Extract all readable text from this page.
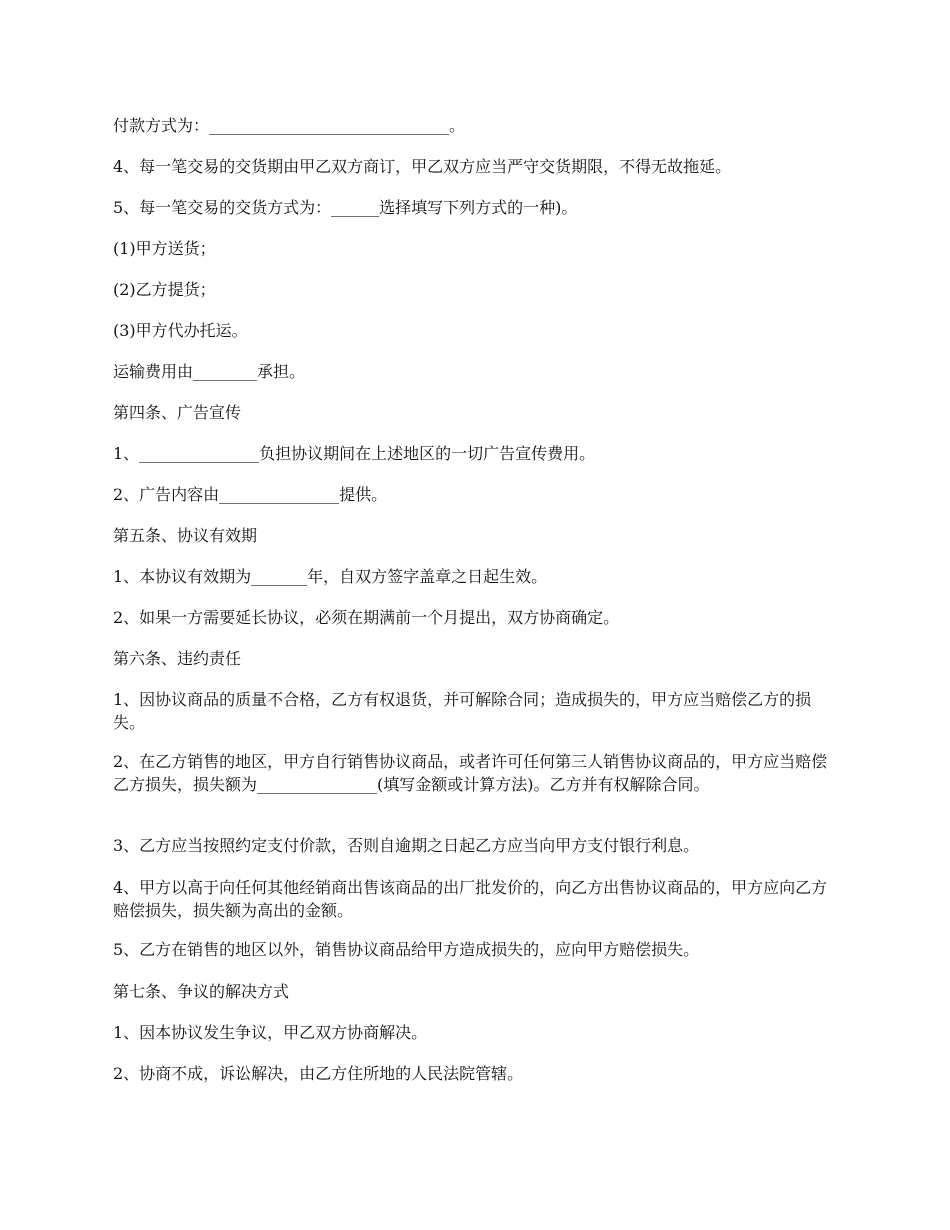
付款方式为：______________________________。

4、每一笔交易的交货期由甲乙双方商订，甲乙双方应当严守交货期限，不得无故拖延。

5、每一笔交易的交货方式为：______选择填写下列方式的一种)。

(1)甲方送货；

(2)乙方提货；

(3)甲方代办托运。

运输费用由________承担。

第四条、广告宣传

1、_______________负担协议期间在上述地区的一切广告宣传费用。

2、广告内容由_______________提供。

第五条、协议有效期

1、本协议有效期为_______年，自双方签字盖章之日起生效。

2、如果一方需要延长协议，必须在期满前一个月提出，双方协商确定。

第六条、违约责任

1、因协议商品的质量不合格，乙方有权退货，并可解除合同；造成损失的，甲方应当赔偿乙方的损失。

2、在乙方销售的地区，甲方自行销售协议商品，或者许可任何第三人销售协议商品的，甲方应当赔偿乙方损失，损失额为_______________(填写金额或计算方法)。乙方并有权解除合同。

3、乙方应当按照约定支付价款，否则自逾期之日起乙方应当向甲方支付银行利息。

4、甲方以高于向任何其他经销商出售该商品的出厂批发价的，向乙方出售协议商品的，甲方应向乙方赔偿损失，损失额为高出的金额。

5、乙方在销售的地区以外，销售协议商品给甲方造成损失的，应向甲方赔偿损失。

第七条、争议的解决方式

1、因本协议发生争议，甲乙双方协商解决。

2、协商不成，诉讼解决，由乙方住所地的人民法院管辖。
